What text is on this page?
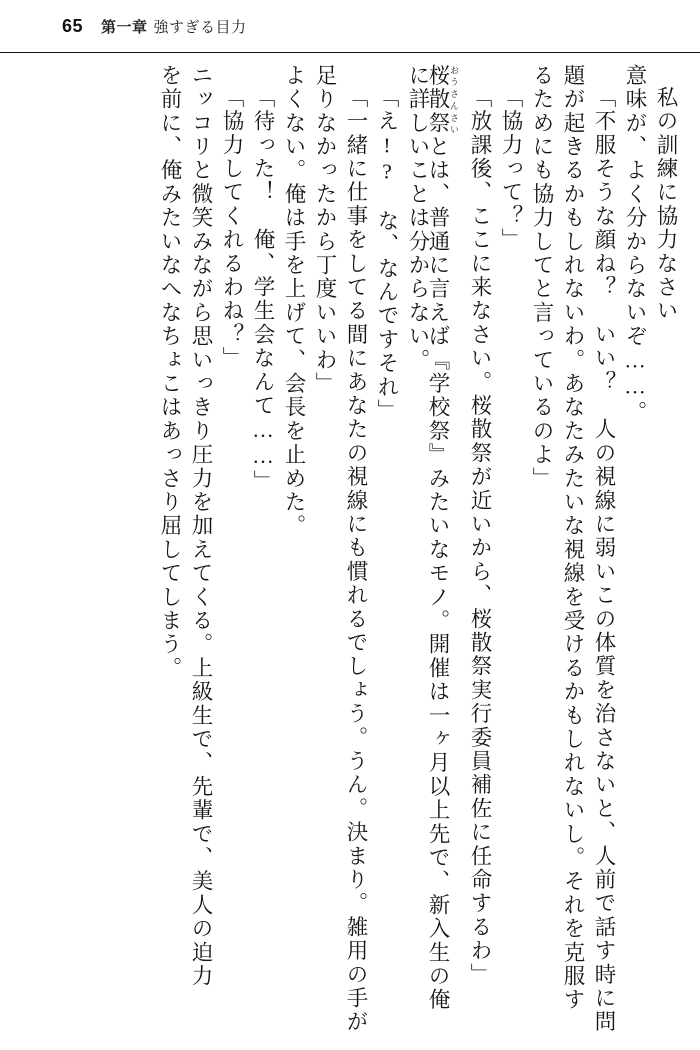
65 第一章 強すぎる目力
私の訓練に協力なさい
意味が、よく分からないぞ……。
「不服そうな顔ね？　いい？　人の視線に弱いこの体質を治さないと、人前で話す時に問
題が起きるかもしれないわ。あなたみたいな視線を受けるかもしれないし。それを克服す
るためにも協力してと言っているのよ」
「協力って？」
「放課後、ここに来なさい。桜散祭が近いから、桜散祭実行委員補佐に任命するわ」
桜散祭 おうさんさいとは、普通に言えば『学校祭』みたいなモノ。開催は一ヶ月以上先で、新入生の俺
に詳しいことは分からない。
「え!?　な、なんですそれ」
「一緒に仕事をしてる間にあなたの視線にも慣れるでしょう。うん。決まり。雑用の手が
足りなかったから丁度いいわ」
よくない。俺は手を上げて、会長を止めた。
「待った！　俺、学生会なんて……」
「協力してくれるわね？」
ニッコリと微笑みながら思いっきり圧力を加えてくる。上級生で、先輩で、美人の迫力
を前に、俺みたいなへなちょこはあっさり屈してしまう。
